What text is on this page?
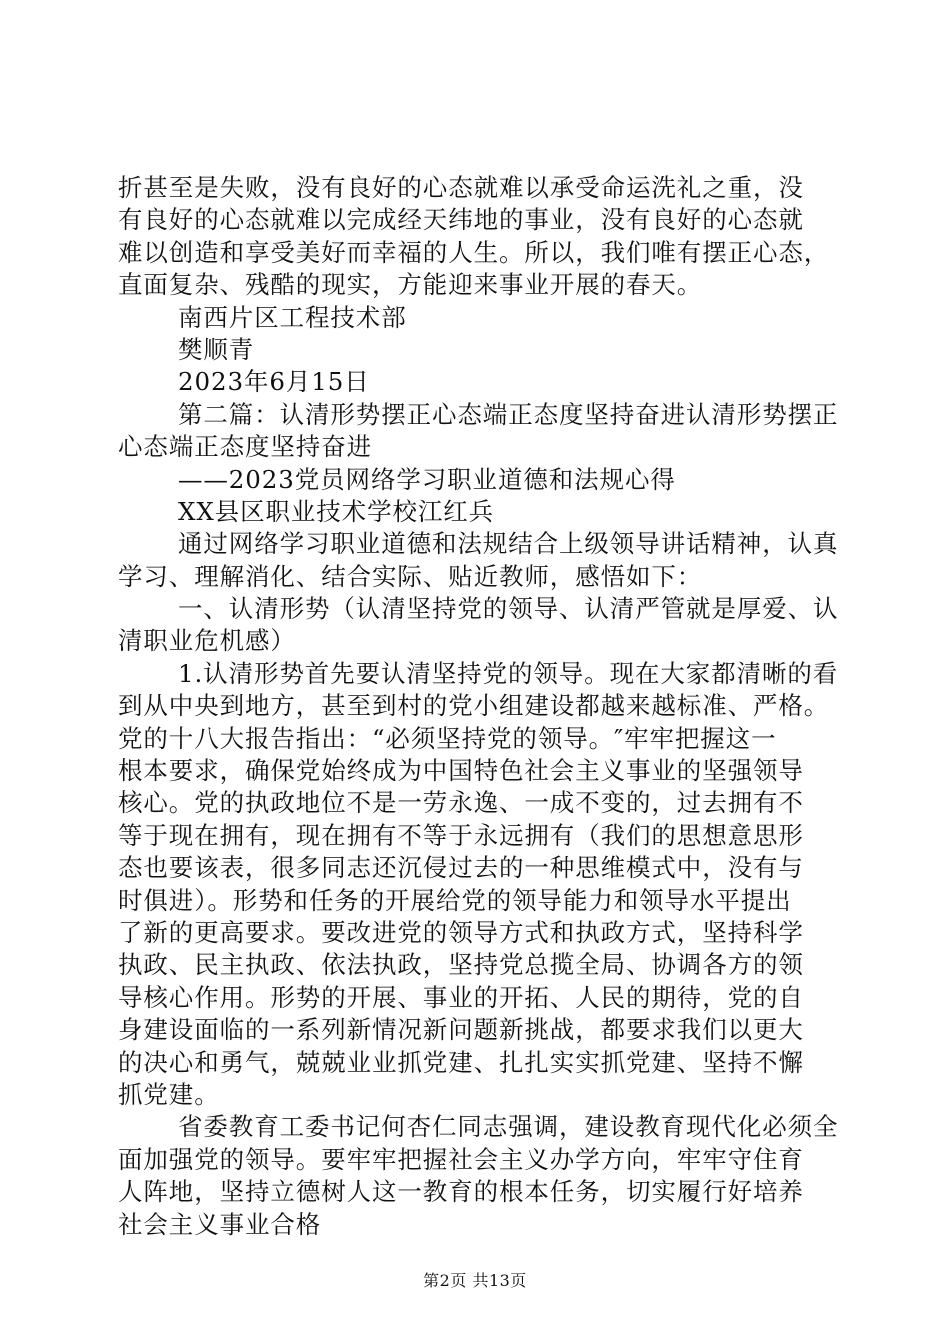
折甚至是失败，没有良好的心态就难以承受命运洗礼之重，没
有良好的心态就难以完成经天纬地的事业，没有良好的心态就
难以创造和享受美好而幸福的人生。所以，我们唯有摆正心态，
直面复杂、残酷的现实，方能迎来事业开展的春天。
南西片区工程技术部
樊顺青
2023年6月15日
第二篇：认清形势摆正心态端正态度坚持奋进认清形势摆正
心态端正态度坚持奋进
——2023党员网络学习职业道德和法规心得
XX县区职业技术学校江红兵
通过网络学习职业道德和法规结合上级领导讲话精神，认真
学习、理解消化、结合实际、贴近教师，感悟如下：
一、认清形势（认清坚持党的领导、认清严管就是厚爱、认
清职业危机感）
1.认清形势首先要认清坚持党的领导。现在大家都清晰的看
到从中央到地方，甚至到村的党小组建设都越来越标准、严格。
党的十八大报告指出：“必须坚持党的领导。″牢牢把握这一
根本要求，确保党始终成为中国特色社会主义事业的坚强领导
核心。党的执政地位不是一劳永逸、一成不变的，过去拥有不
等于现在拥有，现在拥有不等于永远拥有（我们的思想意思形
态也要该表，很多同志还沉侵过去的一种思维模式中，没有与
时俱进）。形势和任务的开展给党的领导能力和领导水平提出
了新的更高要求。要改进党的领导方式和执政方式，坚持科学
执政、民主执政、依法执政，坚持党总揽全局、协调各方的领
导核心作用。形势的开展、事业的开拓、人民的期待，党的自
身建设面临的一系列新情况新问题新挑战，都要求我们以更大
的决心和勇气，兢兢业业抓党建、扎扎实实抓党建、坚持不懈
抓党建。
省委教育工委书记何杏仁同志强调，建设教育现代化必须全
面加强党的领导。要牢牢把握社会主义办学方向，牢牢守住育
人阵地，坚持立德树人这一教育的根本任务，切实履行好培养
社会主义事业合格
第2页 共13页
